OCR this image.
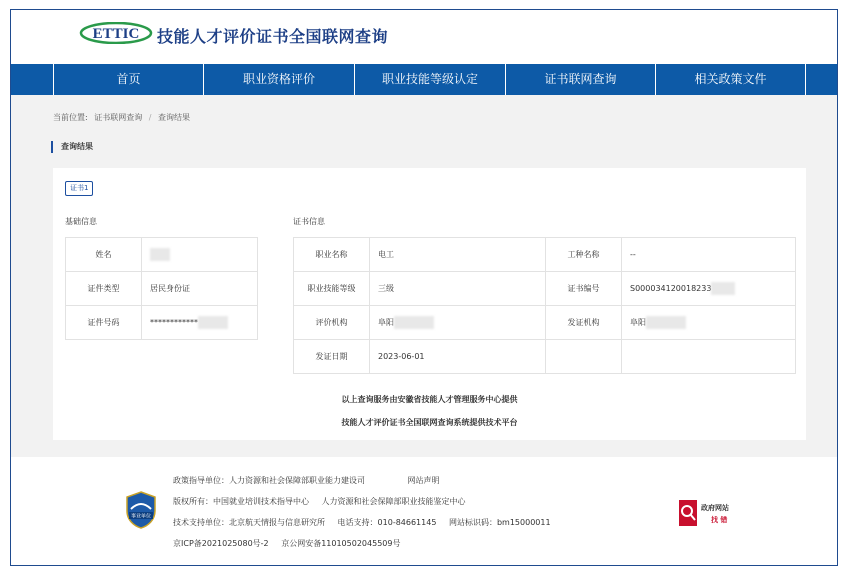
ETTIC 技能人才评价证书全国联网查询
首页	职业资格评价	职业技能等级认定	证书联网查询	相关政策文件
当前位置: 证书联网查询 / 查询结果
查询结果
证书1
基础信息	证书信息
姓名	
证件类型	居民身份证
证件号码	************
职业名称	电工	工种名称	--
职业技能等级	三级	证书编号	S000034120018233
评价机构	阜阳	发证机构	阜阳
发证日期	2023-06-01		
以上查询服务由安徽省技能人才管理服务中心提供
技能人才评价证书全国联网查询系统提供技术平台
事业单位
政策指导单位：人力资源和社会保障部职业能力建设司	网站声明
版权所有：中国就业培训技术指导中心 人力资源和社会保障部职业技能鉴定中心
技术支持单位：北京航天情报与信息研究所 电话支持：010-84661145 网站标识码：bm15000011
京ICP备2021025080号-2 京公网安备11010502045509号
政府网站
找 错
